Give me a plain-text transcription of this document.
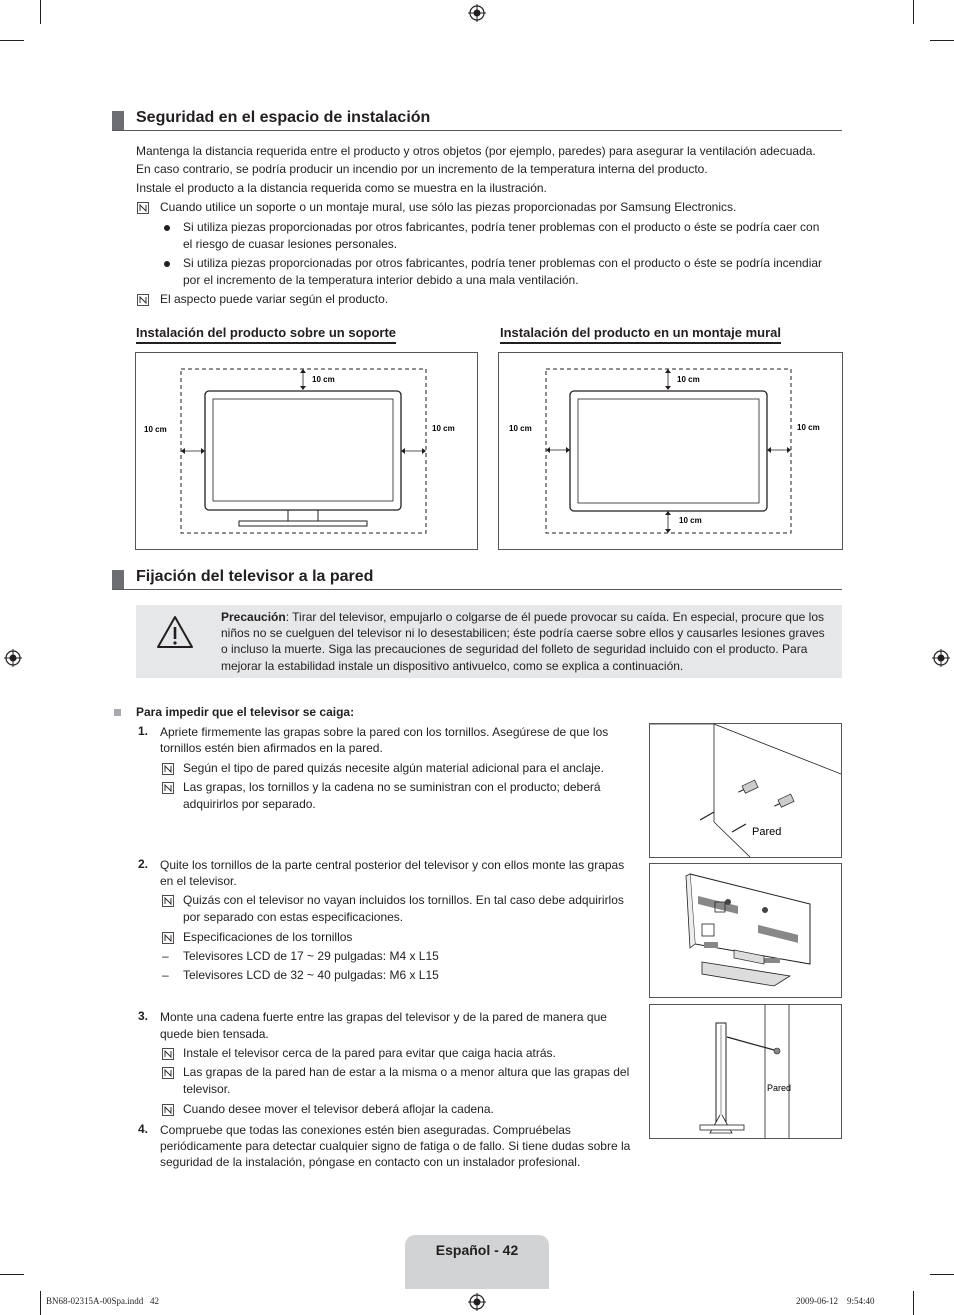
Seguridad en el espacio de instalación
Mantenga la distancia requerida entre el producto y otros objetos (por ejemplo, paredes) para asegurar la ventilación adecuada.
En caso contrario, se podría producir un incendio por un incremento de la temperatura interna del producto.
Instale el producto a la distancia requerida como se muestra en la ilustración.
Cuando utilice un soporte o un montaje mural, use sólo las piezas proporcionadas por Samsung Electronics.
Si utiliza piezas proporcionadas por otros fabricantes, podría tener problemas con el producto o éste se podría caer con
el riesgo de cuasar lesiones personales.
Si utiliza piezas proporcionadas por otros fabricantes, podría tener problemas con el producto o éste se podría incendiar
por el incremento de la temperatura interior debido a una mala ventilación.
El aspecto puede variar según el producto.
Instalación del producto sobre un soporte	Instalación del producto en un montaje mural
10 cm
10 cm	10 cm
10 cm
10 cm	10 cm
10 cm
Fijación del televisor a la pared
Precaución: Tirar del televisor, empujarlo o colgarse de él puede provocar su caída. En especial, procure que los
niños no se cuelguen del televisor ni lo desestabilicen; éste podría caerse sobre ellos y causarles lesiones graves
o incluso la muerte. Siga las precauciones de seguridad del folleto de seguridad incluido con el producto. Para
mejorar la estabilidad instale un dispositivo antivuelco, como se explica a continuación.
Para impedir que el televisor se caiga:
1. Apriete firmemente las grapas sobre la pared con los tornillos. Asegúrese de que los
tornillos estén bien afirmados en la pared.
Según el tipo de pared quizás necesite algún material adicional para el anclaje.
Las grapas, los tornillos y la cadena no se suministran con el producto; deberá
adquirirlos por separado.
Pared
2. Quite los tornillos de la parte central posterior del televisor y con ellos monte las grapas
en el televisor.
Quizás con el televisor no vayan incluidos los tornillos. En tal caso debe adquirirlos
por separado con estas especificaciones.
Especificaciones de los tornillos
– Televisores LCD de 17 ~ 29 pulgadas: M4 x L15
– Televisores LCD de 32 ~ 40 pulgadas: M6 x L15
3. Monte una cadena fuerte entre las grapas del televisor y de la pared de manera que
quede bien tensada.
Instale el televisor cerca de la pared para evitar que caiga hacia atrás.
Las grapas de la pared han de estar a la misma o a menor altura que las grapas del
televisor.
Cuando desee mover el televisor deberá aflojar la cadena.
Pared
4. Compruebe que todas las conexiones estén bien aseguradas. Compruébelas
periódicamente para detectar cualquier signo de fatiga o de fallo. Si tiene dudas sobre la
seguridad de la instalación, póngase en contacto con un instalador profesional.
Español - 42
BN68-02315A-00Spa.indd   42	2009-06-12    9:54:40
